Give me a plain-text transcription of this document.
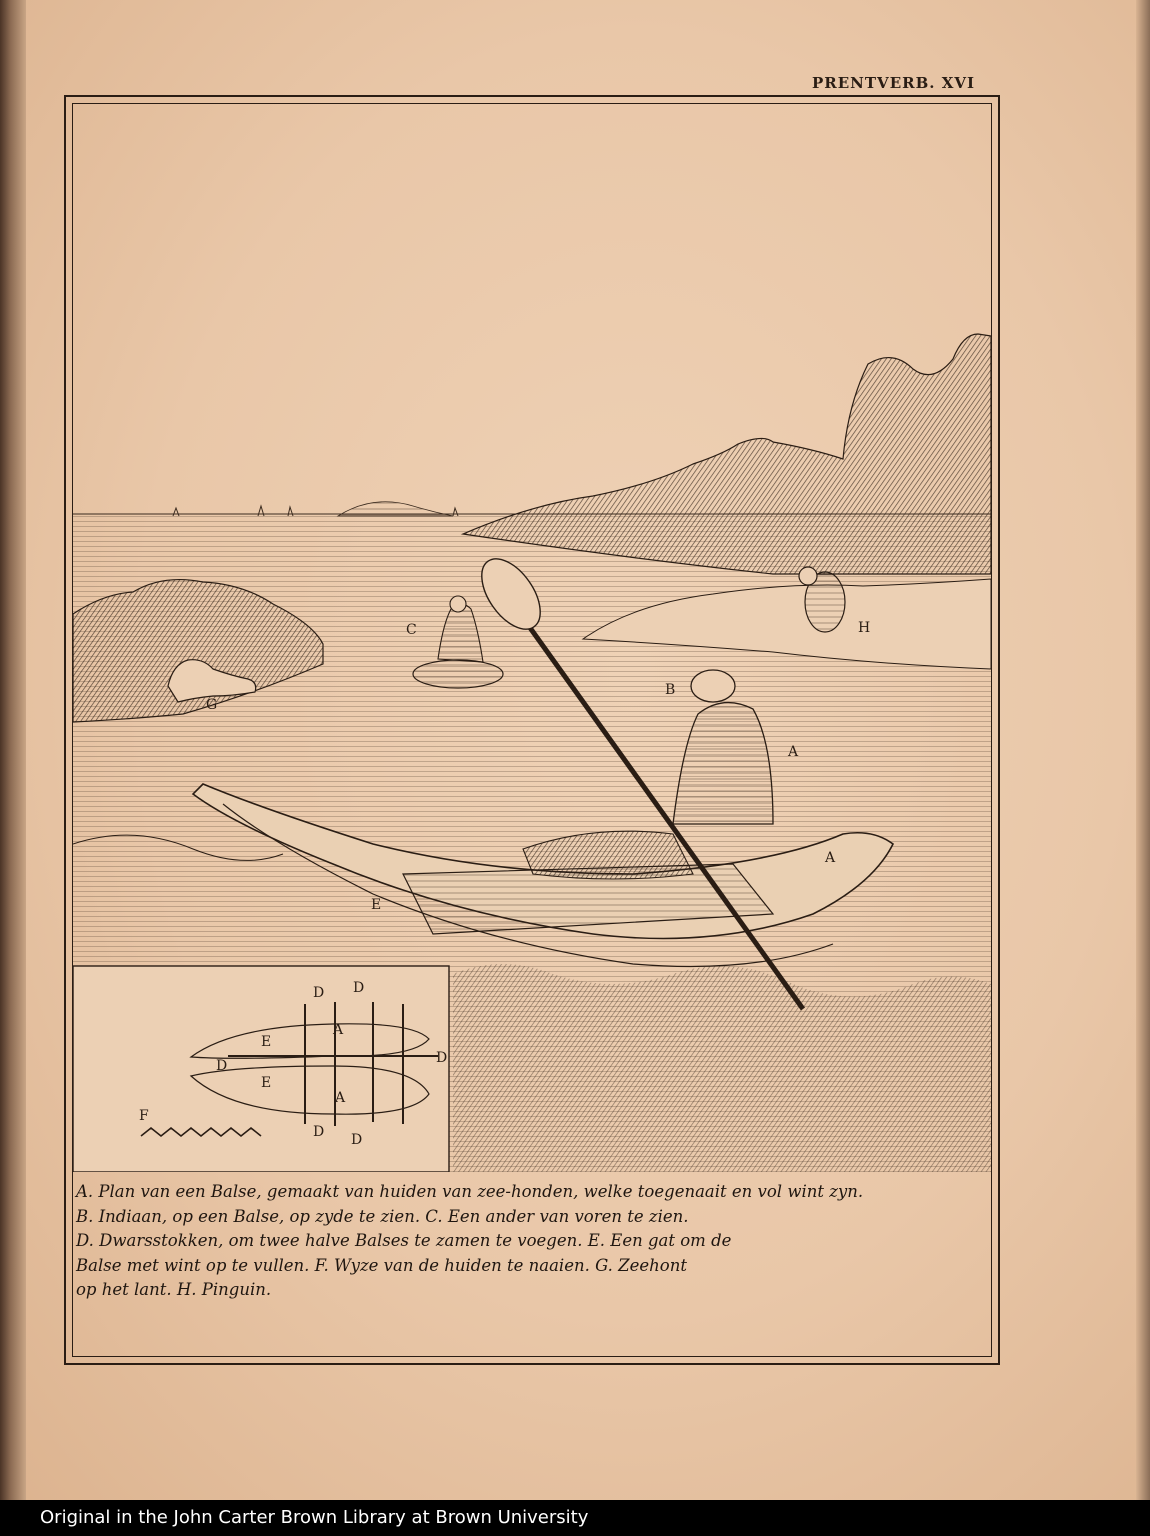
PRENTVERB. XVI
B
C
G
H
A
A
E
D D
A
E
D	D
E
A
F
D D

A. Plan van een Balse, gemaakt van huiden van zee-honden, welke toegenaait en vol wint zyn.

B. Indiaan, op een Balse, op zyde te zien. C. Een ander van voren te zien.

D. Dwarsstokken, om twee halve Balses te zamen te voegen. E. Een gat om de

Balse met wint op te vullen. F. Wyze van de huiden te naaien. G. Zeehont

op het lant. H. Pinguin.

Original in the John Carter Brown Library at Brown University
